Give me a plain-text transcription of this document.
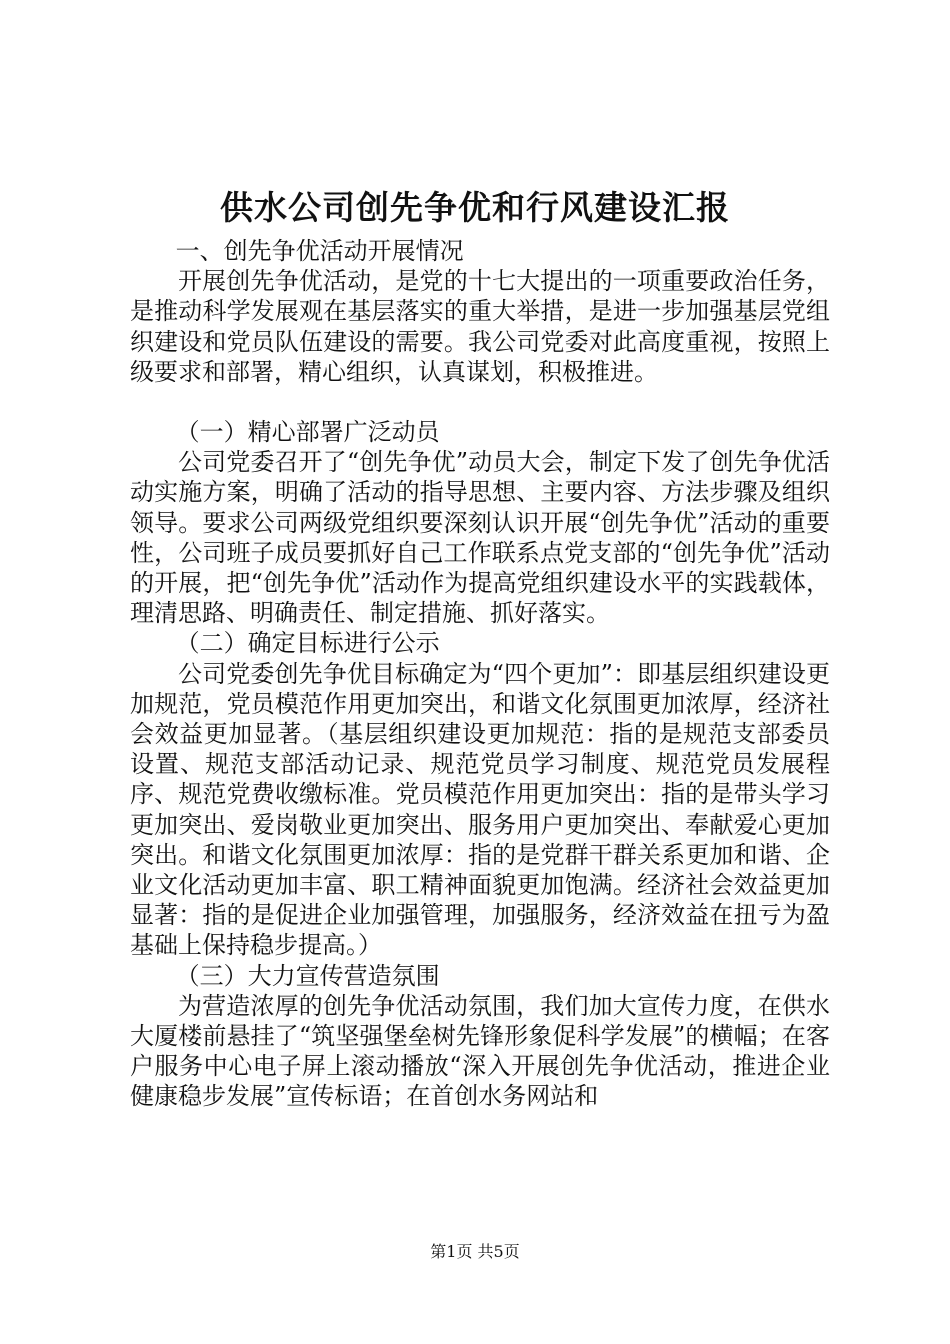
供水公司创先争优和行风建设汇报

一、创先争优活动开展情况

开展创先争优活动，是党的十七大提出的一项重要政治任务，是推动科学发展观在基层落实的重大举措，是进一步加强基层党组织建设和党员队伍建设的需要。我公司党委对此高度重视，按照上级要求和部署，精心组织，认真谋划，积极推进。

（一）精心部署广泛动员

公司党委召开了“创先争优”动员大会，制定下发了创先争优活动实施方案，明确了活动的指导思想、主要内容、方法步骤及组织领导。要求公司两级党组织要深刻认识开展“创先争优”活动的重要性，公司班子成员要抓好自己工作联系点党支部的“创先争优”活动的开展，把“创先争优”活动作为提高党组织建设水平的实践载体，理清思路、明确责任、制定措施、抓好落实。

（二）确定目标进行公示

公司党委创先争优目标确定为“四个更加”：即基层组织建设更加规范，党员模范作用更加突出，和谐文化氛围更加浓厚，经济社会效益更加显著。（基层组织建设更加规范：指的是规范支部委员设置、规范支部活动记录、规范党员学习制度、规范党员发展程序、规范党费收缴标准。党员模范作用更加突出：指的是带头学习更加突出、爱岗敬业更加突出、服务用户更加突出、奉献爱心更加突出。和谐文化氛围更加浓厚：指的是党群干群关系更加和谐、企业文化活动更加丰富、职工精神面貌更加饱满。经济社会效益更加显著：指的是促进企业加强管理，加强服务，经济效益在扭亏为盈基础上保持稳步提高。）

（三）大力宣传营造氛围

为营造浓厚的创先争优活动氛围，我们加大宣传力度，在供水大厦楼前悬挂了“筑坚强堡垒树先锋形象促科学发展”的横幅；在客户服务中心电子屏上滚动播放“深入开展创先争优活动，推进企业健康稳步发展”宣传标语；在首创水务网站和

第1页 共5页
